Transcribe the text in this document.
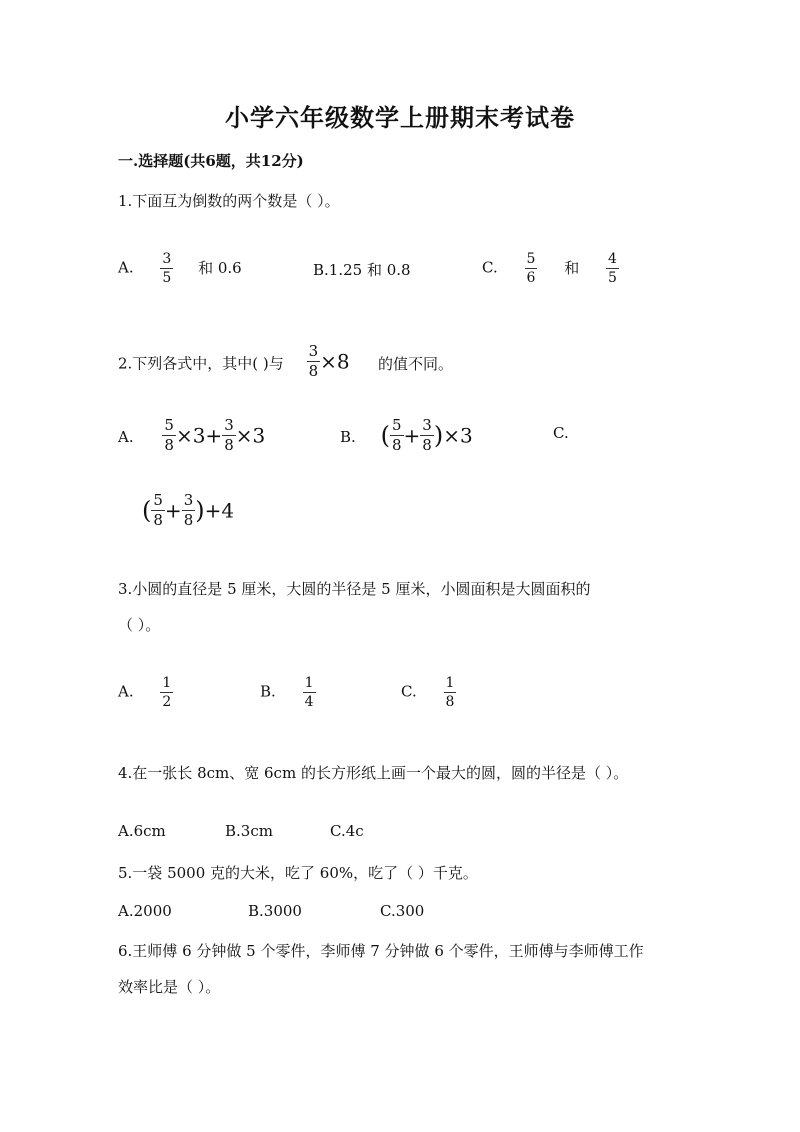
小学六年级数学上册期末考试卷
一.选择题(共6题，共12分)
1.下面互为倒数的两个数是（ ）。
A. $\frac{3}{5}$ 和 0.6	B.1.25 和 0.8	C. $\frac{5}{6}$ 和 $\frac{4}{5}$
2.下列各式中，其中( )与 $\frac{3}{8} \times 8$ 的值不同。
A. $\frac{5}{8} \times 3+ \frac{3}{8} \times 3$	B. ( $\frac{5}{8} + \frac{3}{8} )\times 3$	C.
( $\frac{5}{8} + \frac{3}{8} )+4$
3.小圆的直径是 5 厘米，大圆的半径是 5 厘米，小圆面积是大圆面积的
（ ）。
A. $\frac{1}{2}$	B. $\frac{1}{4}$	C. $\frac{1}{8}$
4.在一张长 8cm、宽 6cm 的长方形纸上画一个最大的圆，圆的半径是（ ）。
A.6cm	B.3cm	C.4c
5.一袋 5000 克的大米，吃了 60%，吃了（ ）千克。
A.2000	B.3000	C.300
6.王师傅 6 分钟做 5 个零件，李师傅 7 分钟做 6 个零件，王师傅与李师傅工作
效率比是（ ）。
